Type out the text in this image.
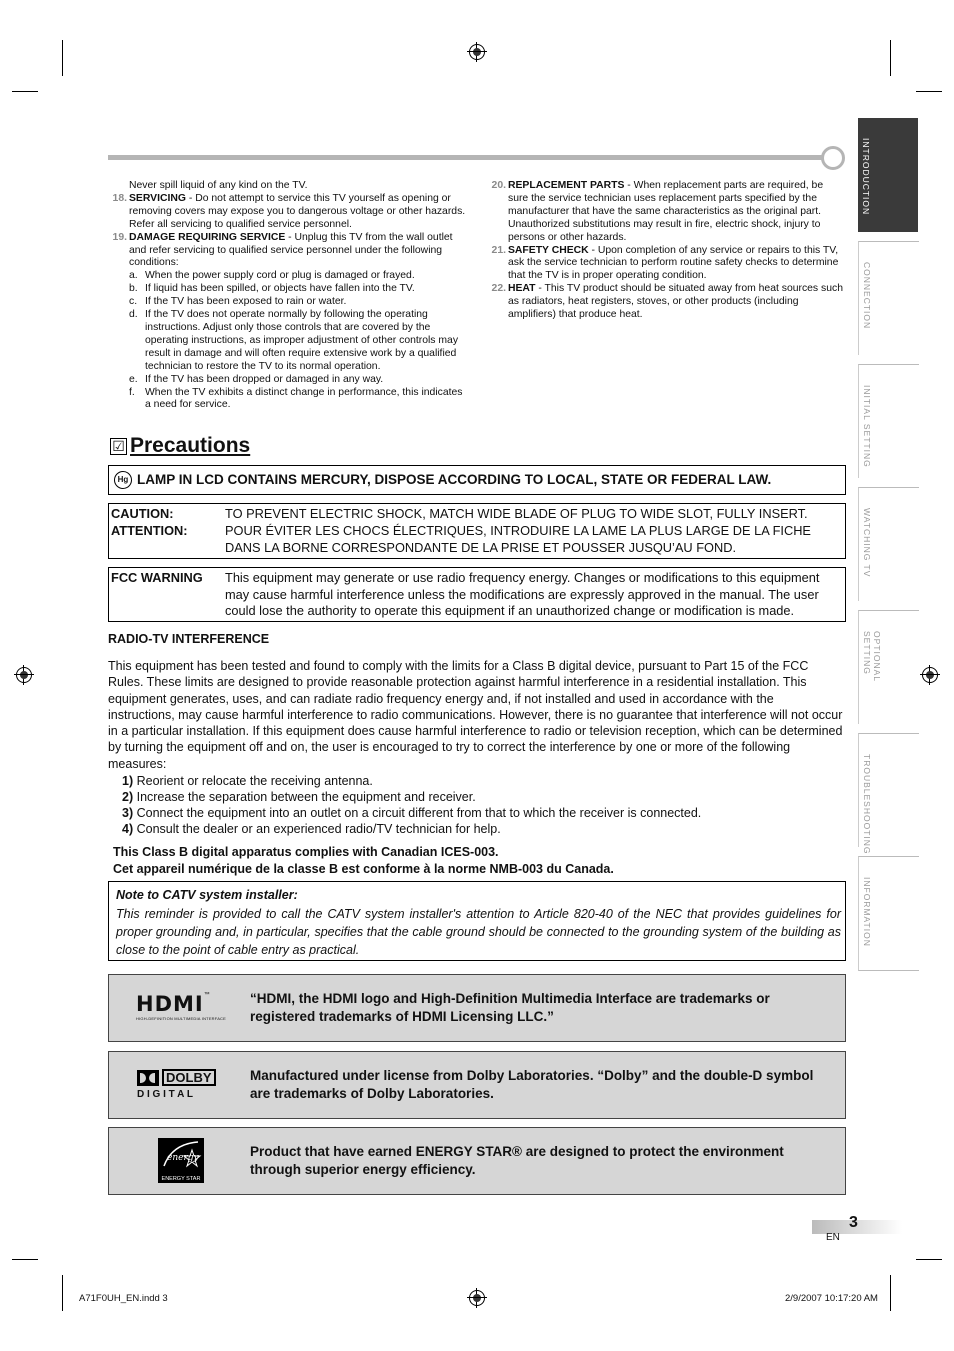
INTRODUCTION
CONNECTION
INITIAL SETTING
WATCHING TV
OPTIONAL SETTING
TROUBLESHOOTING
INFORMATION
Never spill liquid of any kind on the TV.
18. SERVICING - Do not attempt to service this TV yourself as opening or removing covers may expose you to dangerous voltage or other hazards. Refer all servicing to qualified service personnel.
19. DAMAGE REQUIRING SERVICE - Unplug this TV from the wall outlet and refer servicing to qualified service personnel under the following conditions:
a. When the power supply cord or plug is damaged or frayed.
b. If liquid has been spilled, or objects have fallen into the TV.
c. If the TV has been exposed to rain or water.
d. If the TV does not operate normally by following the operating instructions. Adjust only those controls that are covered by the operating instructions, as improper adjustment of other controls may result in damage and will often require extensive work by a qualified technician to restore the TV to its normal operation.
e. If the TV has been dropped or damaged in any way.
f. When the TV exhibits a distinct change in performance, this indicates a need for service.
20. REPLACEMENT PARTS - When replacement parts are required, be sure the service technician uses replacement parts specified by the manufacturer that have the same characteristics as the original part. Unauthorized substitutions may result in fire, electric shock, injury to persons or other hazards.
21. SAFETY CHECK - Upon completion of any service or repairs to this TV, ask the service technician to perform routine safety checks to determine that the TV is in proper operating condition.
22. HEAT - This TV product should be situated away from heat sources such as radiators, heat registers, stoves, or other products (including amplifiers) that produce heat.
☑ Precautions
Hg LAMP IN LCD CONTAINS MERCURY, DISPOSE ACCORDING TO LOCAL, STATE OR FEDERAL LAW.
CAUTION:
ATTENTION:
TO PREVENT ELECTRIC SHOCK, MATCH WIDE BLADE OF PLUG TO WIDE SLOT, FULLY INSERT.
POUR ÉVITER LES CHOCS ÉLECTRIQUES, INTRODUIRE LA LAME LA PLUS LARGE DE LA FICHE DANS LA BORNE CORRESPONDANTE DE LA PRISE ET POUSSER JUSQU’AU FOND.
FCC WARNING This equipment may generate or use radio frequency energy. Changes or modifications to this equipment may cause harmful interference unless the modifications are expressly approved in the manual. The user could lose the authority to operate this equipment if an unauthorized change or modification is made.
RADIO-TV INTERFERENCE
This equipment has been tested and found to comply with the limits for a Class B digital device, pursuant to Part 15 of the FCC Rules. These limits are designed to provide reasonable protection against harmful interference in a residential installation. This equipment generates, uses, and can radiate radio frequency energy and, if not installed and used in accordance with the instructions, may cause harmful interference to radio communications. However, there is no guarantee that interference will not occur in a particular installation. If this equipment does cause harmful interference to radio or television reception, which can be determined by turning the equipment off and on, the user is encouraged to try to correct the interference by one or more of the following measures:
1) Reorient or relocate the receiving antenna.
2) Increase the separation between the equipment and receiver.
3) Connect the equipment into an outlet on a circuit different from that to which the receiver is connected.
4) Consult the dealer or an experienced radio/TV technician for help.
This Class B digital apparatus complies with Canadian ICES-003.
Cet appareil numérique de la classe B est conforme à la norme NMB-003 du Canada.
Note to CATV system installer:
This reminder is provided to call the CATV system installer's attention to Article 820-40 of the NEC that provides guidelines for proper grounding and, in particular, specifies that the cable ground should be connected to the grounding system of the building as close to the point of cable entry as practical.
HDMI™
HIGH-DEFINITION MULTIMEDIA INTERFACE
“HDMI, the HDMI logo and High-Definition Multimedia Interface are trademarks or registered trademarks of HDMI Licensing LLC.”
DOLBY
D I G I T A L
Manufactured under license from Dolby Laboratories. “Dolby” and the double-D symbol are trademarks of Dolby Laboratories.
energy
ENERGY STAR
Product that have earned ENERGY STAR® are designed to protect the environment through superior energy efficiency.
3
EN
A71F0UH_EN.indd 3	2/9/2007 10:17:20 AM
